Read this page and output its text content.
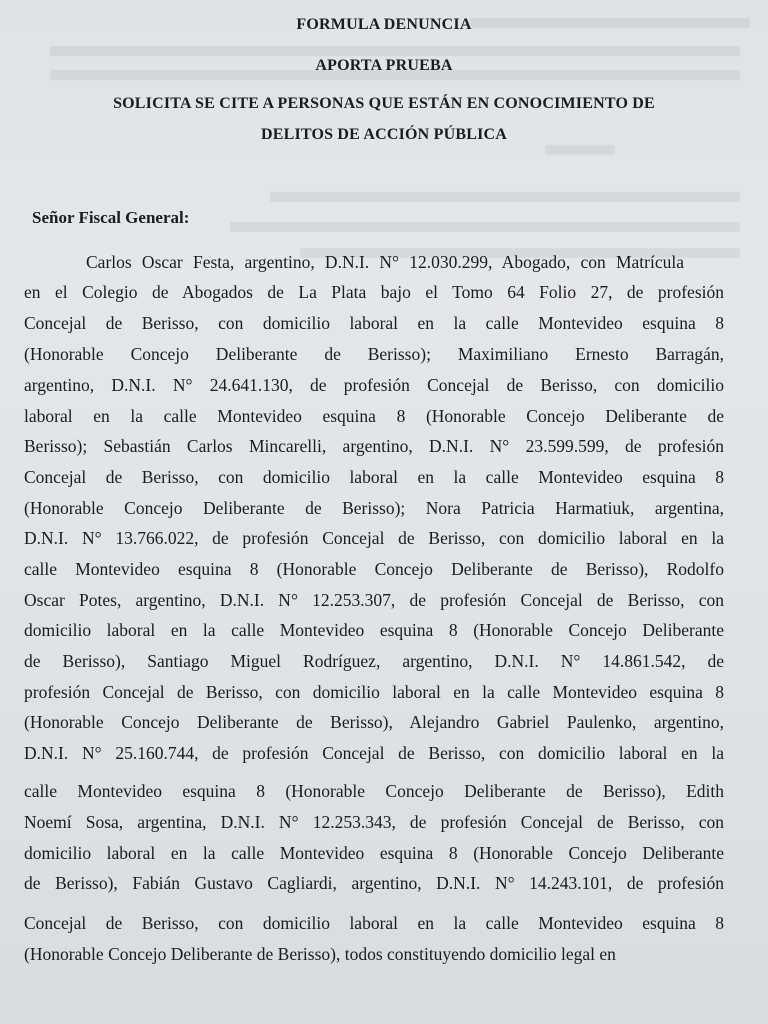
FORMULA DENUNCIA
APORTA PRUEBA
SOLICITA SE CITE A PERSONAS QUE ESTÁN EN CONOCIMIENTO DE
DELITOS DE ACCIÓN PÚBLICA
Señor Fiscal General:
Carlos Oscar Festa, argentino, D.N.I. N° 12.030.299, Abogado, con Matrícula
en el Colegio de Abogados de La Plata bajo el Tomo 64 Folio 27, de profesión
Concejal de Berisso, con domicilio laboral en la calle Montevideo esquina 8
(Honorable Concejo Deliberante de Berisso); Maximiliano Ernesto Barragán,
argentino, D.N.I. N° 24.641.130, de profesión Concejal de Berisso, con domicilio
laboral en la calle Montevideo esquina 8 (Honorable Concejo Deliberante de
Berisso); Sebastián Carlos Mincarelli, argentino, D.N.I. N° 23.599.599, de profesión
Concejal de Berisso, con domicilio laboral en la calle Montevideo esquina 8
(Honorable Concejo Deliberante de Berisso); Nora Patricia Harmatiuk, argentina,
D.N.I. N° 13.766.022, de profesión Concejal de Berisso, con domicilio laboral en la
calle Montevideo esquina 8 (Honorable Concejo Deliberante de Berisso), Rodolfo
Oscar Potes, argentino, D.N.I. N° 12.253.307, de profesión Concejal de Berisso, con
domicilio laboral en la calle Montevideo esquina 8 (Honorable Concejo Deliberante
de Berisso), Santiago Miguel Rodríguez, argentino, D.N.I. N° 14.861.542, de
profesión Concejal de Berisso, con domicilio laboral en la calle Montevideo esquina 8
(Honorable Concejo Deliberante de Berisso), Alejandro Gabriel Paulenko, argentino,
D.N.I. N° 25.160.744, de profesión Concejal de Berisso, con domicilio laboral en la
calle Montevideo esquina 8 (Honorable Concejo Deliberante de Berisso), Edith
Noemí Sosa, argentina, D.N.I. N° 12.253.343, de profesión Concejal de Berisso, con
domicilio laboral en la calle Montevideo esquina 8 (Honorable Concejo Deliberante
de Berisso), Fabián Gustavo Cagliardi, argentino, D.N.I. N° 14.243.101, de profesión
Concejal de Berisso, con domicilio laboral en la calle Montevideo esquina 8
(Honorable Concejo Deliberante de Berisso), todos constituyendo domicilio legal en
